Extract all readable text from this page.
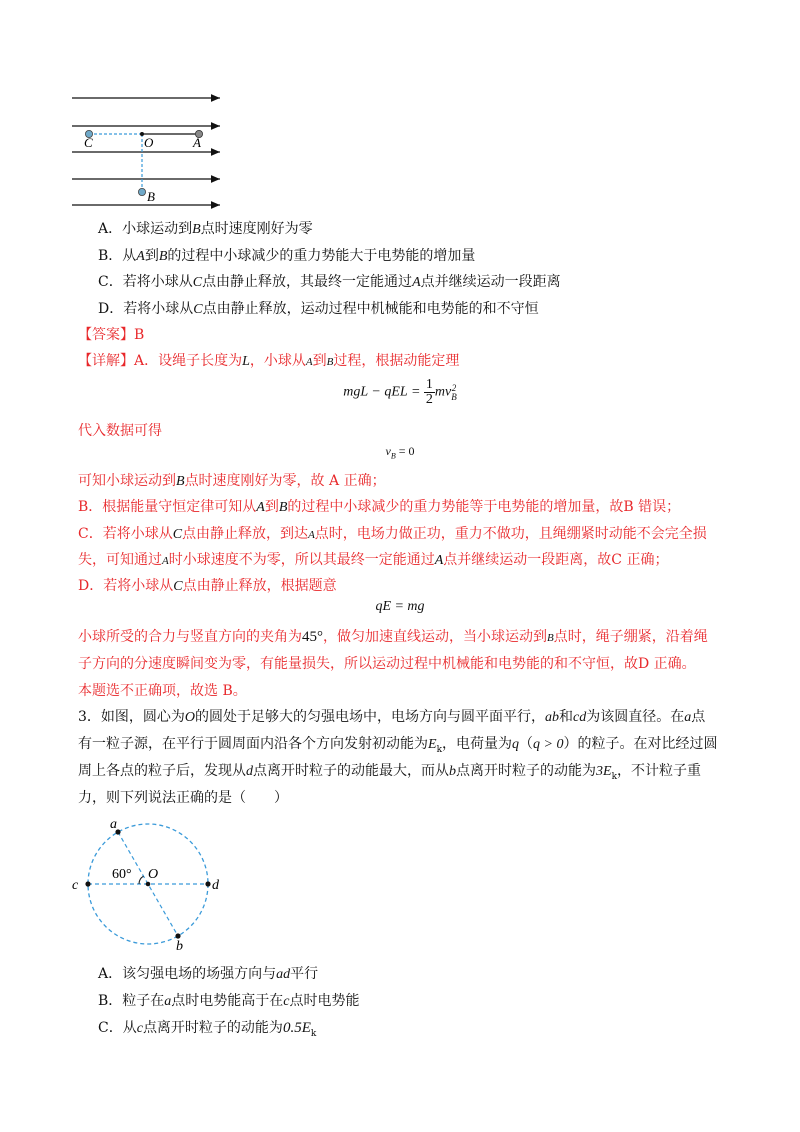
C	O	A
B
A．小球运动到B点时速度刚好为零
B．从A到B的过程中小球减少的重力势能大于电势能的增加量
C．若将小球从C点由静止释放，其最终一定能通过A点并继续运动一段距离
D．若将小球从C点由静止释放，运动过程中机械能和电势能的和不守恒
【答案】B
【详解】A．设绳子长度为L，小球从A到B过程，根据动能定理
mgL − qEL = $\frac{1}{2}$ mv 2
B
代入数据可得
$v_B = 0$
可知小球运动到B点时速度刚好为零，故 A 正确；
B．根据能量守恒定律可知从A到B的过程中小球减少的重力势能等于电势能的增加量，故B 错误；
C．若将小球从C点由静止释放，到达A点时，电场力做正功，重力不做功，且绳绷紧时动能不会完全损
失，可知通过A时小球速度不为零，所以其最终一定能通过A点并继续运动一段距离，故C 正确；
D．若将小球从C点由静止释放，根据题意
qE = mg
小球所受的合力与竖直方向的夹角为45°，做匀加速直线运动，当小球运动到B点时，绳子绷紧，沿着绳
子方向的分速度瞬间变为零，有能量损失，所以运动过程中机械能和电势能的和不守恒，故D 正确。
本题选不正确项，故选 B。
3．如图，圆心为O的圆处于足够大的匀强电场中，电场方向与圆平面平行，ab和cd为该圆直径。在a点
有一粒子源，在平行于圆周面内沿各个方向发射初动能为$E_k$，电荷量为q（q > 0）的粒子。在对比经过圆
周上各点的粒子后，发现从d点离开时粒子的动能最大，而从b点离开时粒子的动能为$3E_k$，不计粒子重
力，则下列说法正确的是（　　）
a
b
c	d
O
60°
A．该匀强电场的场强方向与ad平行
B．粒子在a点时电势能高于在c点时电势能
C．从c点离开时粒子的动能为$0.5E_k$
